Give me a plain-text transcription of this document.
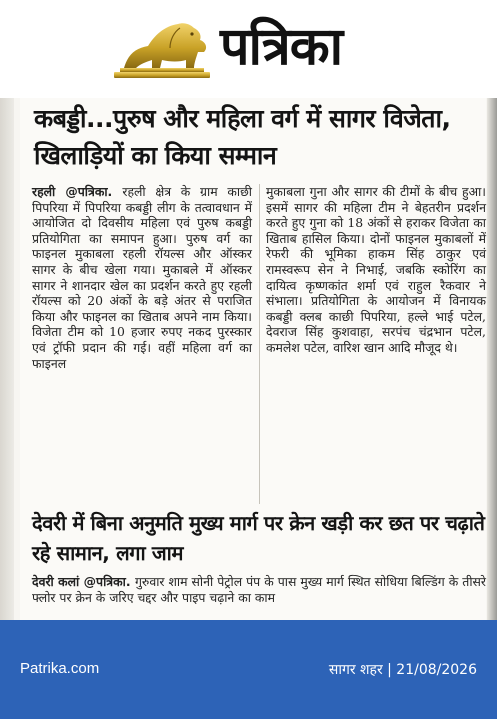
पत्रिका
कबड्डी...पुरुष और महिला वर्ग में सागर विजेता, खिलाड़ियों का किया सम्मान
रहली @पत्रिका. रहली क्षेत्र के ग्राम काछी पिपरिया में पिपरिया कबड्डी लीग के तत्वावधान में आयोजित दो दिवसीय महिला एवं पुरुष कबड्डी प्रतियोगिता का समापन हुआ। पुरुष वर्ग का फाइनल मुकाबला रहली रॉयल्स और ऑस्कर सागर के बीच खेला गया। मुकाबले में ऑस्कर सागर ने शानदार खेल का प्रदर्शन करते हुए रहली रॉयल्स को 20 अंकों के बड़े अंतर से पराजित किया और फाइनल का खिताब अपने नाम किया। विजेता टीम को 10 हजार रुपए नकद पुरस्कार एवं ट्रॉफी प्रदान की गई। वहीं महिला वर्ग का फाइनल
मुकाबला गुना और सागर की टीमों के बीच हुआ। इसमें सागर की महिला टीम ने बेहतरीन प्रदर्शन करते हुए गुना को 18 अंकों से हराकर विजेता का खिताब हासिल किया। दोनों फाइनल मुकाबलों में रेफरी की भूमिका हाकम सिंह ठाकुर एवं रामस्वरूप सेन ने निभाई, जबकि स्कोरिंग का दायित्व कृष्णकांत शर्मा एवं राहुल रैकवार ने संभाला। प्रतियोगिता के आयोजन में विनायक कबड्डी क्लब काछी पिपरिया, हल्ले भाई पटेल, देवराज सिंह कुशवाहा, सरपंच चंद्रभान पटेल, कमलेश पटेल, वारिश खान आदि मौजूद थे।
देवरी में बिना अनुमति मुख्य मार्ग पर क्रेन खड़ी कर छत पर चढ़ाते रहे सामान, लगा जाम
देवरी कलां @पत्रिका. गुरुवार शाम सोनी पेट्रोल पंप के पास मुख्य मार्ग स्थित सोधिया बिल्डिंग के तीसरे फ्लोर पर क्रेन के जरिए चद्दर और पाइप चढ़ाने का काम
Patrika.com	सागर शहर | 21/08/2026
